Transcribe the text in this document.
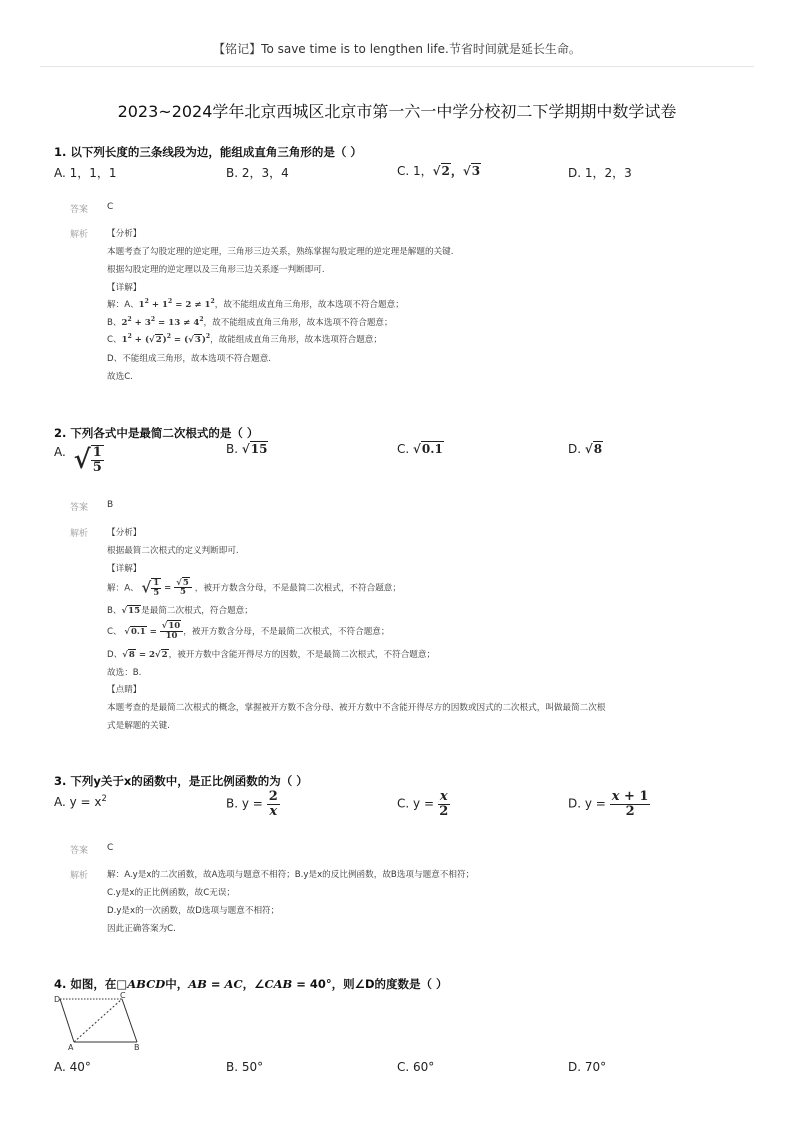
【铭记】To save time is to lengthen life.节省时间就是延长生命。
2023~2024学年北京西城区北京市第一六一中学分校初二下学期期中数学试卷
1. 以下列长度的三条线段为边，能组成直角三角形的是（ ）
A. 1，1，1	B. 2，3，4	C. 1，√2，√3	D. 1，2，3
答案 C
解析 【分析】
本题考查了勾股定理的逆定理，三角形三边关系，熟练掌握勾股定理的逆定理是解题的关键.
根据勾股定理的逆定理以及三角形三边关系逐一判断即可.
【详解】
解：A、$1^2 + 1^2 = 2 \ne 1^2$，故不能组成直角三角形，故本选项不符合题意；
B、$2^2 + 3^2 = 13 \ne 4^2$，故不能组成直角三角形，故本选项不符合题意；
C、$1^2 + (√2)^2 = (√3)^2$，故能组成直角三角形，故本选项符合题意；
D、不能组成三角形，故本选项不符合题意.
故选C.
2. 下列各式中是最简二次根式的是（ ）
A. √ $\frac{1}{5}$	B. √15	C. √0.1	D. √8
答案 B
解析 【分析】
根据最简二次根式的定义判断即可.
【详解】
解：A、 √ $\frac{1}{5} = \frac{√5}{5}$ ，被开方数含分母，不是最简二次根式，不符合题意；
B、√15是最简二次根式，符合题意；
C、 $√0.1 = \frac{√10}{10}$ ，被开方数含分母，不是最简二次根式，不符合题意；
D、√8 = 2√2，被开方数中含能开得尽方的因数，不是最简二次根式，不符合题意；
故选：B.
【点睛】
本题考查的是最简二次根式的概念，掌握被开方数不含分母、被开方数中不含能开得尽方的因数或因式的二次根式，叫做最简二次根
式是解题的关键.
3. 下列y关于x的函数中，是正比例函数的为（ ）
A. $y = x^2$	B. $y = \frac{2}{x}$	C. $y = \frac{x}{2}$	D. $y = \frac{x + 1}{2}$
答案 C
解析 解：A.y是x的二次函数，故A选项与题意不相符；B.y是x的反比例函数，故B选项与题意不相符；
C.y是x的正比例函数，故C无误；
D.y是x的一次函数，故D选项与题意不相符；
因此正确答案为C.
4. 如图，在□ABCD中，AB = AC，∠CAB = 40°，则∠D的度数是（ ）
D	C
A	B
A. 40°	B. 50°	C. 60°	D. 70°
